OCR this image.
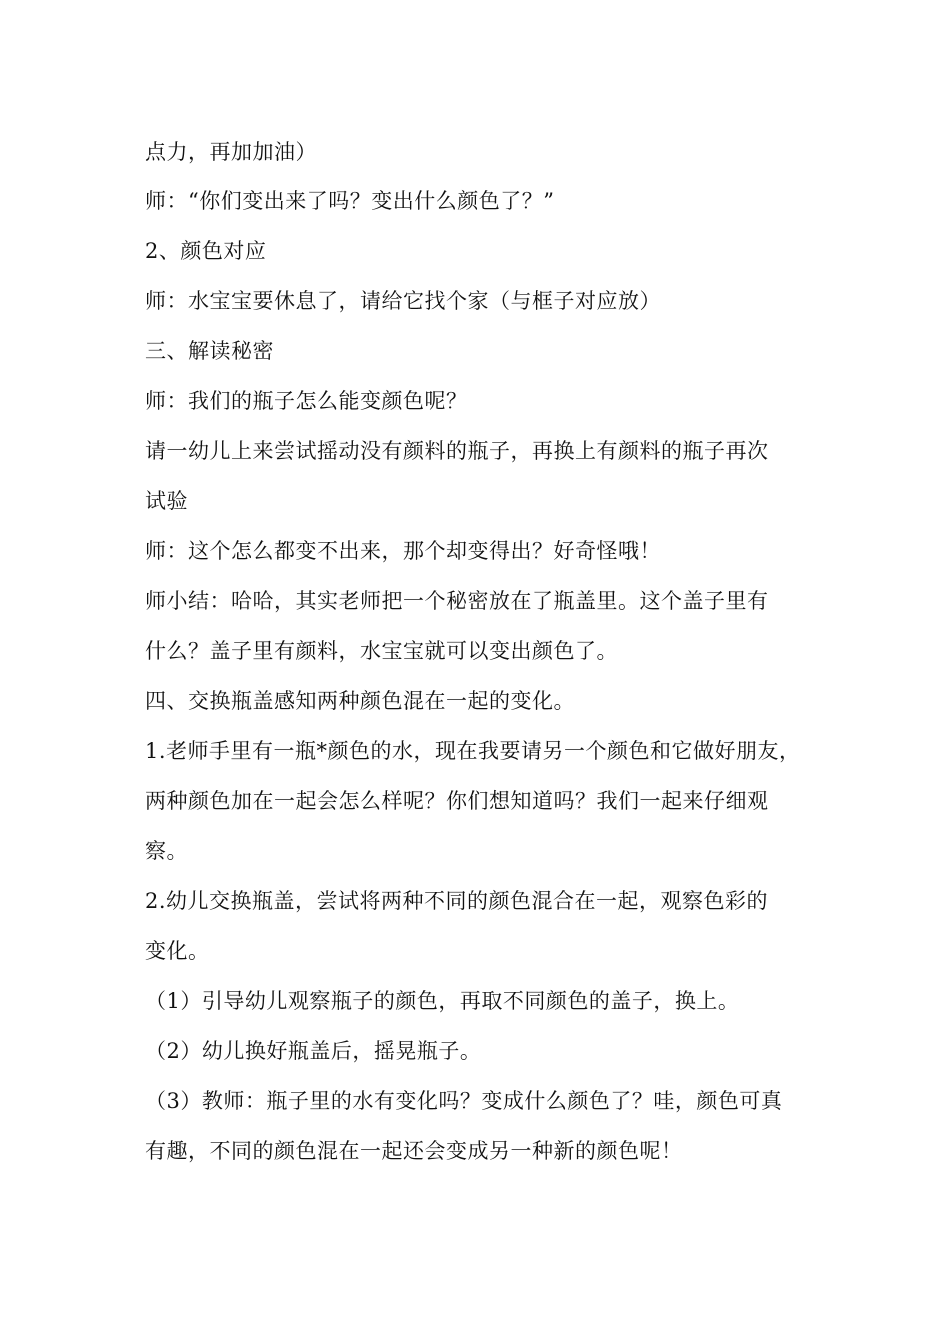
点力，再加加油）
师：“你们变出来了吗？变出什么颜色了？”
2、颜色对应
师：水宝宝要休息了，请给它找个家（与框子对应放）
三、解读秘密
师：我们的瓶子怎么能变颜色呢？
请一幼儿上来尝试摇动没有颜料的瓶子，再换上有颜料的瓶子再次
试验
师：这个怎么都变不出来，那个却变得出？好奇怪哦！
师小结：哈哈，其实老师把一个秘密放在了瓶盖里。这个盖子里有
什么？盖子里有颜料，水宝宝就可以变出颜色了。
四、交换瓶盖感知两种颜色混在一起的变化。
1.老师手里有一瓶*颜色的水，现在我要请另一个颜色和它做好朋友，
两种颜色加在一起会怎么样呢？你们想知道吗？我们一起来仔细观
察。
2.幼儿交换瓶盖，尝试将两种不同的颜色混合在一起，观察色彩的
变化。
（1）引导幼儿观察瓶子的颜色，再取不同颜色的盖子，换上。
（2）幼儿换好瓶盖后，摇晃瓶子。
（3）教师：瓶子里的水有变化吗？变成什么颜色了？哇，颜色可真
有趣，不同的颜色混在一起还会变成另一种新的颜色呢！
